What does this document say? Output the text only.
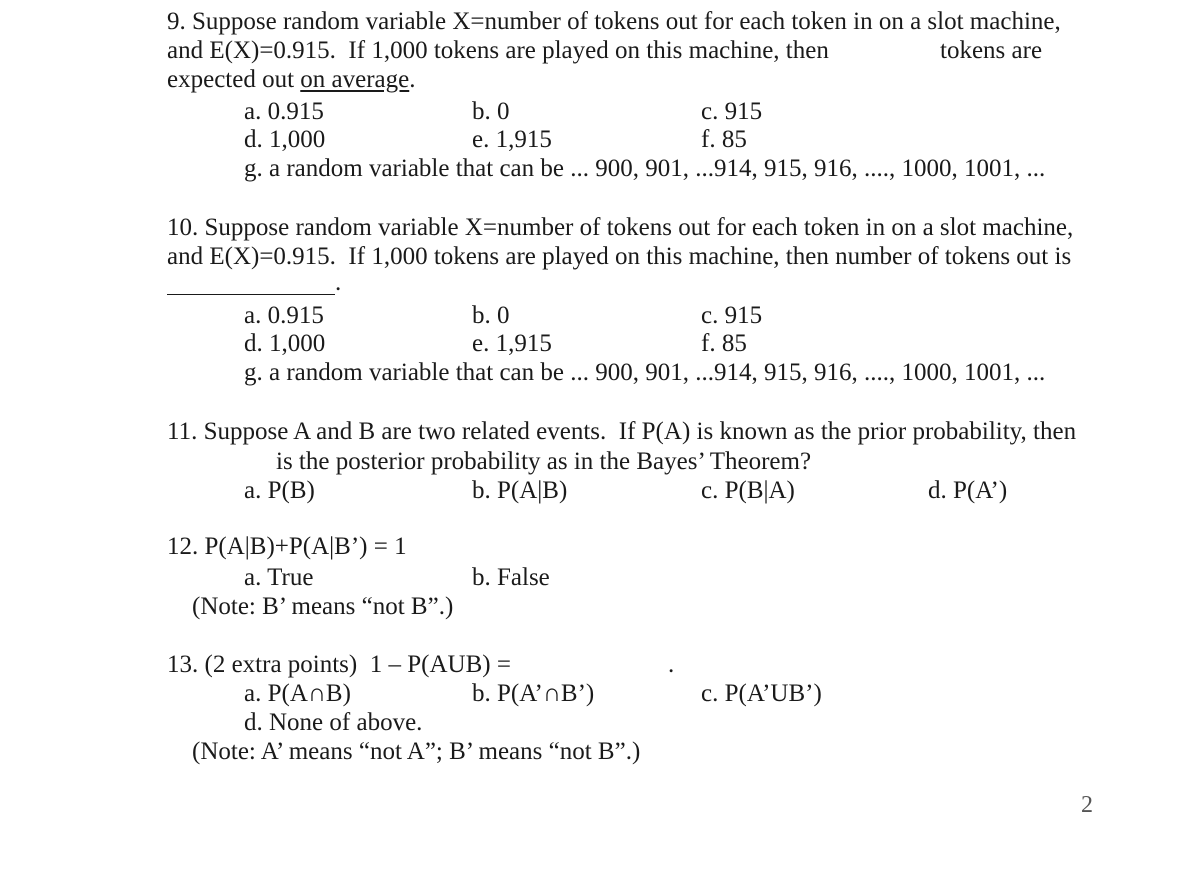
9. Suppose random variable X=number of tokens out for each token in on a slot machine,
and E(X)=0.915.  If 1,000 tokens are played on this machine, then	tokens are
expected out on average.
a. 0.915	b. 0	c. 915
d. 1,000	e. 1,915	f. 85
g. a random variable that can be ... 900, 901, ...914, 915, 916, ...., 1000, 1001, ...
10. Suppose random variable X=number of tokens out for each token in on a slot machine,
and E(X)=0.915.  If 1,000 tokens are played on this machine, then number of tokens out is
.
a. 0.915	b. 0	c. 915
d. 1,000	e. 1,915	f. 85
g. a random variable that can be ... 900, 901, ...914, 915, 916, ...., 1000, 1001, ...
11. Suppose A and B are two related events.  If P(A) is known as the prior probability, then
is the posterior probability as in the Bayes’ Theorem?
a. P(B)	b. P(A|B)	c. P(B|A)	d. P(A’)
12. P(A|B)+P(A|B’) = 1
a. True	b. False
(Note: B’ means “not B”.)
13. (2 extra points)  1 – P(AUB) =	.
a. P(A∩B)	b. P(A’∩B’)	c. P(A’UB’)
d. None of above.
(Note: A’ means “not A”; B’ means “not B”.)
2
